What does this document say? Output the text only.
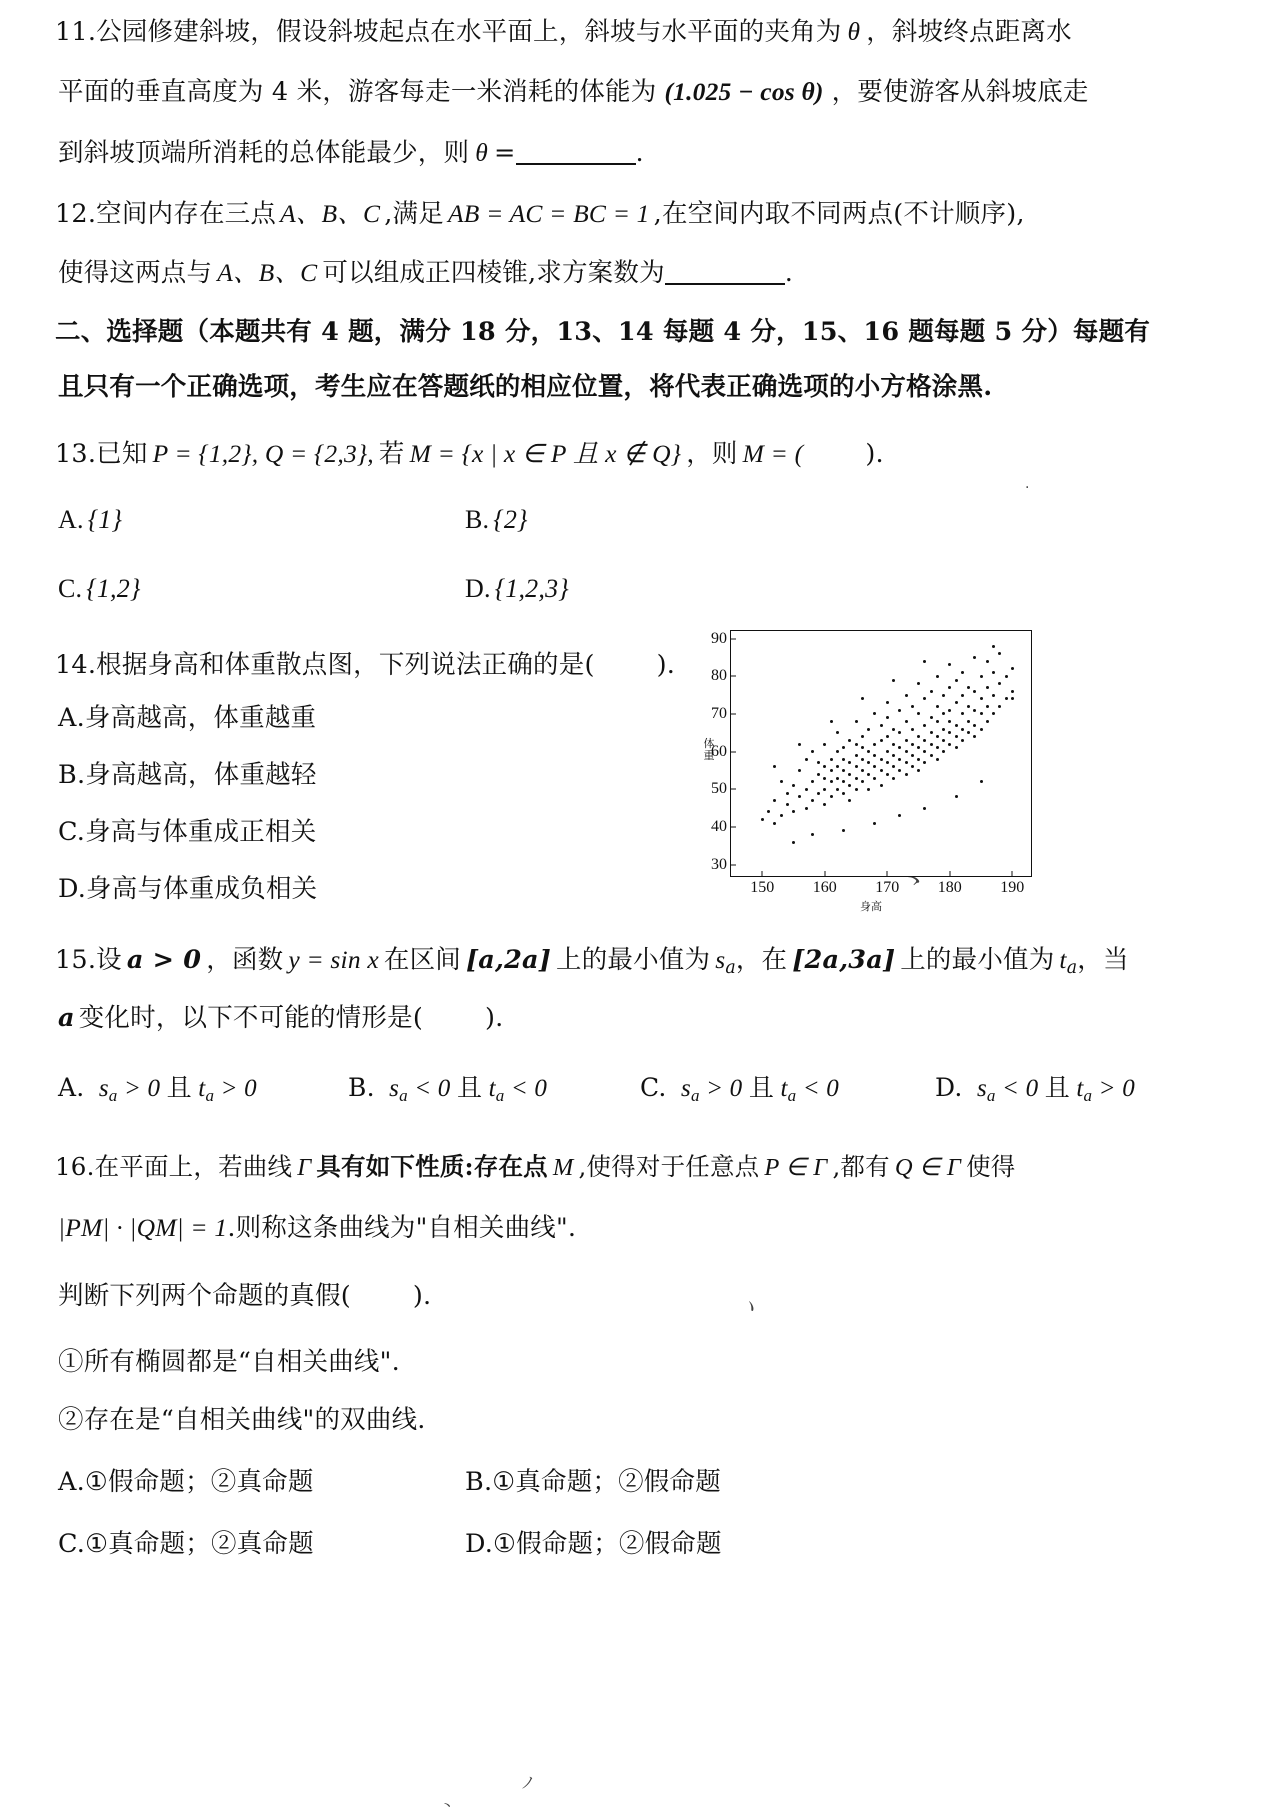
11.公园修建斜坡，假设斜坡起点在水平面上，斜坡与水平面的夹角为 θ ，斜坡终点距离水
平面的垂直高度为 4 米，游客每走一米消耗的体能为 (1.025 − cos θ) ，要使游客从斜坡底走
到斜坡顶端所消耗的总体能最少，则 θ =	.
12.空间内存在三点 A、B、C ,满足 AB = AC = BC = 1 ,在空间内取不同两点(不计顺序),
使得这两点与 A、B、C 可以组成正四棱锥,求方案数为	.
二、选择题（本题共有 4 题，满分 18 分，13、14 每题 4 分，15、16 题每题 5 分）每题有
且只有一个正确选项，考生应在答题纸的相应位置，将代表正确选项的小方格涂黑.
13.已知 P = {1,2}, Q = {2,3}, 若 M = {x | x ∈ P 且 x ∉ Q} ，则 M = ( ).
A. {1}	B. {2}
C. {1,2}	D. {1,2,3}
14.根据身高和体重散点图，下列说法正确的是( ).
A.身高越高，体重越重
B.身高越高，体重越轻
C.身高与体重成正相关
D.身高与体重成负相关
体重
身高
30
40
50
60
70
80
90
150 160 170 180 190
15.设 a > 0 ，函数 y = sin x 在区间 [a,2a] 上的最小值为 $s_a$，在 [2a,3a] 上的最小值为 $t_a$，当
a 变化时，以下不可能的情形是( ).
A. $s_a > 0$ 且 $t_a > 0$	B. $s_a < 0$ 且 $t_a < 0$	C. $s_a > 0$ 且 $t_a < 0$	D. $s_a < 0$ 且 $t_a > 0$
16.在平面上，若曲线 Γ 具有如下性质:存在点 M ,使得对于任意点 P ∈ Γ ,都有 Q ∈ Γ 使得
|PM| · |QM| = 1.则称这条曲线为"自相关曲线".
判断下列两个命题的真假( ).
①所有椭圆都是“自相关曲线".
②存在是“自相关曲线"的双曲线.
A.①假命题；②真命题	B.①真命题；②假命题
C.①真命题；②真命题	D.①假命题；②假命题
·
ゝ
ヽ
ノ
ヽ
